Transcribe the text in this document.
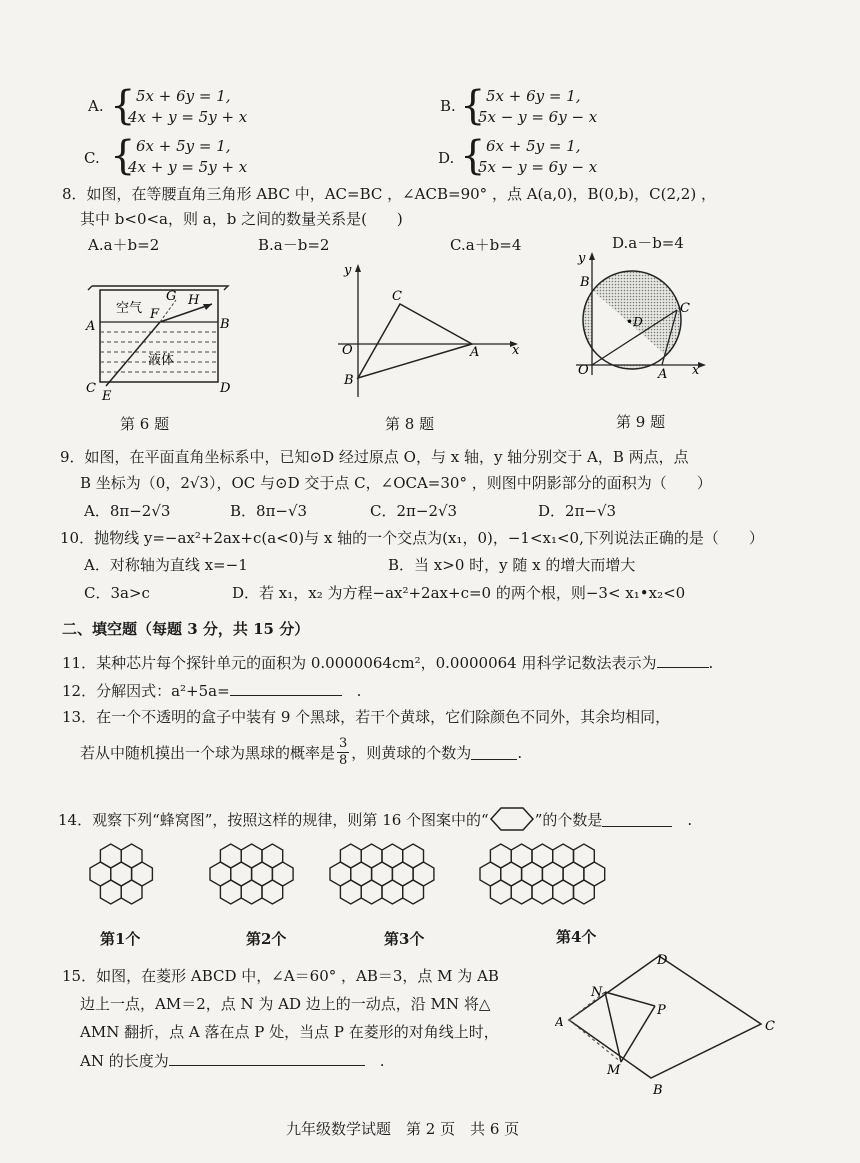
A. { 5x + 6y = 1,
4x + y = 5y + x
B. { 5x + 6y = 1,
5x − y = 6y − x
C. { 6x + 5y = 1,
4x + y = 5y + x	D. { 6x + 5y = 1,
5x − y = 6y − x
8．如图，在等腰直角三角形 ABC 中，AC=BC ，∠ACB=90° ，点 A(a,0)，B(0,b)，C(2,2) ，
其中 b<0<a，则 a，b 之间的数量关系是(　　)
A.a＋b=2	B.a－b=2	C.a＋b=4	D.a－b=4
空气
液体
A	B
C	D
E
F
G H
第 6 题
y
x
O	A
B
C
第 8 题
y
x
O	A
B
C
•D
第 9 题
9．如图，在平面直角坐标系中，已知⊙D 经过原点 O，与 x 轴，y 轴分别交于 A，B 两点，点
B 坐标为（0，2√3），OC 与⊙D 交于点 C，∠OCA=30° ，则图中阴影部分的面积为（　　）
A．8π−2√3	B．8π−√3	C．2π−2√3	D．2π−√3
10．抛物线 y=−ax²+2ax+c(a<0)与 x 轴的一个交点为(x₁，0)，−1<x₁<0,下列说法正确的是（　　）
A．对称轴为直线 x=−1	B．当 x>0 时，y 随 x 的增大而增大
C．3a>c	D．若 x₁，x₂ 为方程−ax²+2ax+c=0 的两个根，则−3< x₁•x₂<0
二、填空题（每题 3 分，共 15 分）
11．某种芯片每个探针单元的面积为 0.0000064cm²，0.0000064 用科学记数法表示为	.
12．分解因式：a²+5a=	　.
13．在一个不透明的盒子中装有 9 个黑球，若干个黄球，它们除颜色不同外，其余均相同，
若从中随机摸出一个球为黑球的概率是
3
8 ，则黄球的个数为	.
14．观察下列“蜂窝图”，按照这样的规律，则第 16 个图案中的“	”的个数是	　.
第1个	第2个	第3个	第4个
15．如图，在菱形 ABCD 中，∠A＝60° ，AB＝3，点 M 为 AB
边上一点，AM＝2，点 N 为 AD 边上的一动点，沿 MN 将△
AMN 翻折，点 A 落在点 P 处，当点 P 在菱形的对角线上时，
AN 的长度为	　.
A
B
C
D
M
N
P
九年级数学试题　第 2 页　共 6 页
